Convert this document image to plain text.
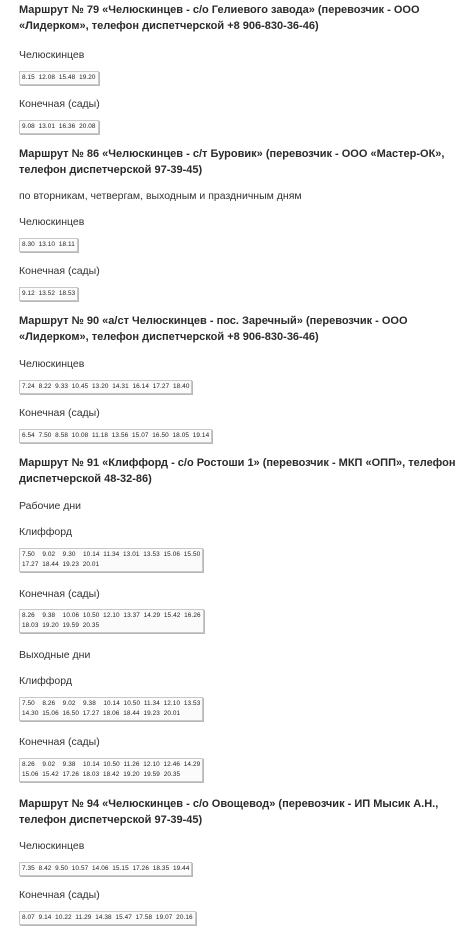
Маршрут № 79 «Челюскинцев - с/о Гелиевого завода» (перевозчик - ООО «Лидерком», телефон диспетчерской +8 906-830-36-46)

Челюскинцев

8.15  12.08  15.48  19.20

Конечная (сады)

9.08  13.01  16.36  20.08

Маршрут № 86 «Челюскинцев - с/т Буровик» (перевозчик - ООО «Мастер-ОК», телефон диспетчерской 97-39-45)

по вторникам, четвергам, выходным и праздничным дням

Челюскинцев

8.30  13.10  18.11

Конечная (сады)

9.12  13.52  18.53

Маршрут № 90 «а/ст Челюскинцев - пос. Заречный» (перевозчик - ООО «Лидерком», телефон диспетчерской +8 906-830-36-46)

Челюскинцев

7.24  8.22  9.33  10.45  13.20  14.31  16.14  17.27  18.40

Конечная (сады)

6.54  7.50  8.58  10.08  11.18  13.56  15.07  16.50  18.05  19.14

Маршрут № 91 «Клиффорд - с/о Ростоши 1» (перевозчик - МКП «ОПП», телефон диспетчерской 48-32-86)

Рабочие дни

Клиффорд

7.50    9.02    9.30    10.14  11.34  13.01  13.53  15.06  15.50
17.27  18.44  19.23  20.01

Конечная (сады)

8.26    9.38    10.06  10.50  12.10  13.37  14.29  15.42  16.26
18.03  19.20  19.59  20.35

Выходные дни

Клиффорд

7.50    8.26    9.02    9.38    10.14  10.50  11.34  12.10  13.53
14.30  15.06  16.50  17.27  18.06  18.44  19.23  20.01

Конечная (сады)

8.26    9.02    9.38    10.14  10.50  11.26  12.10  12.46  14.29
15.06  15.42  17.26  18.03  18.42  19.20  19.59  20.35

Маршрут № 94 «Челюскинцев - с/о Овощевод» (перевозчик - ИП Мысик А.Н., телефон диспетчерской 97-39-45)

Челюскинцев

7.35  8.42  9.50  10.57  14.06  15.15  17.26  18.35  19.44

Конечная (сады)

8.07  9.14  10.22  11.29  14.38  15.47  17.58  19.07  20.16
